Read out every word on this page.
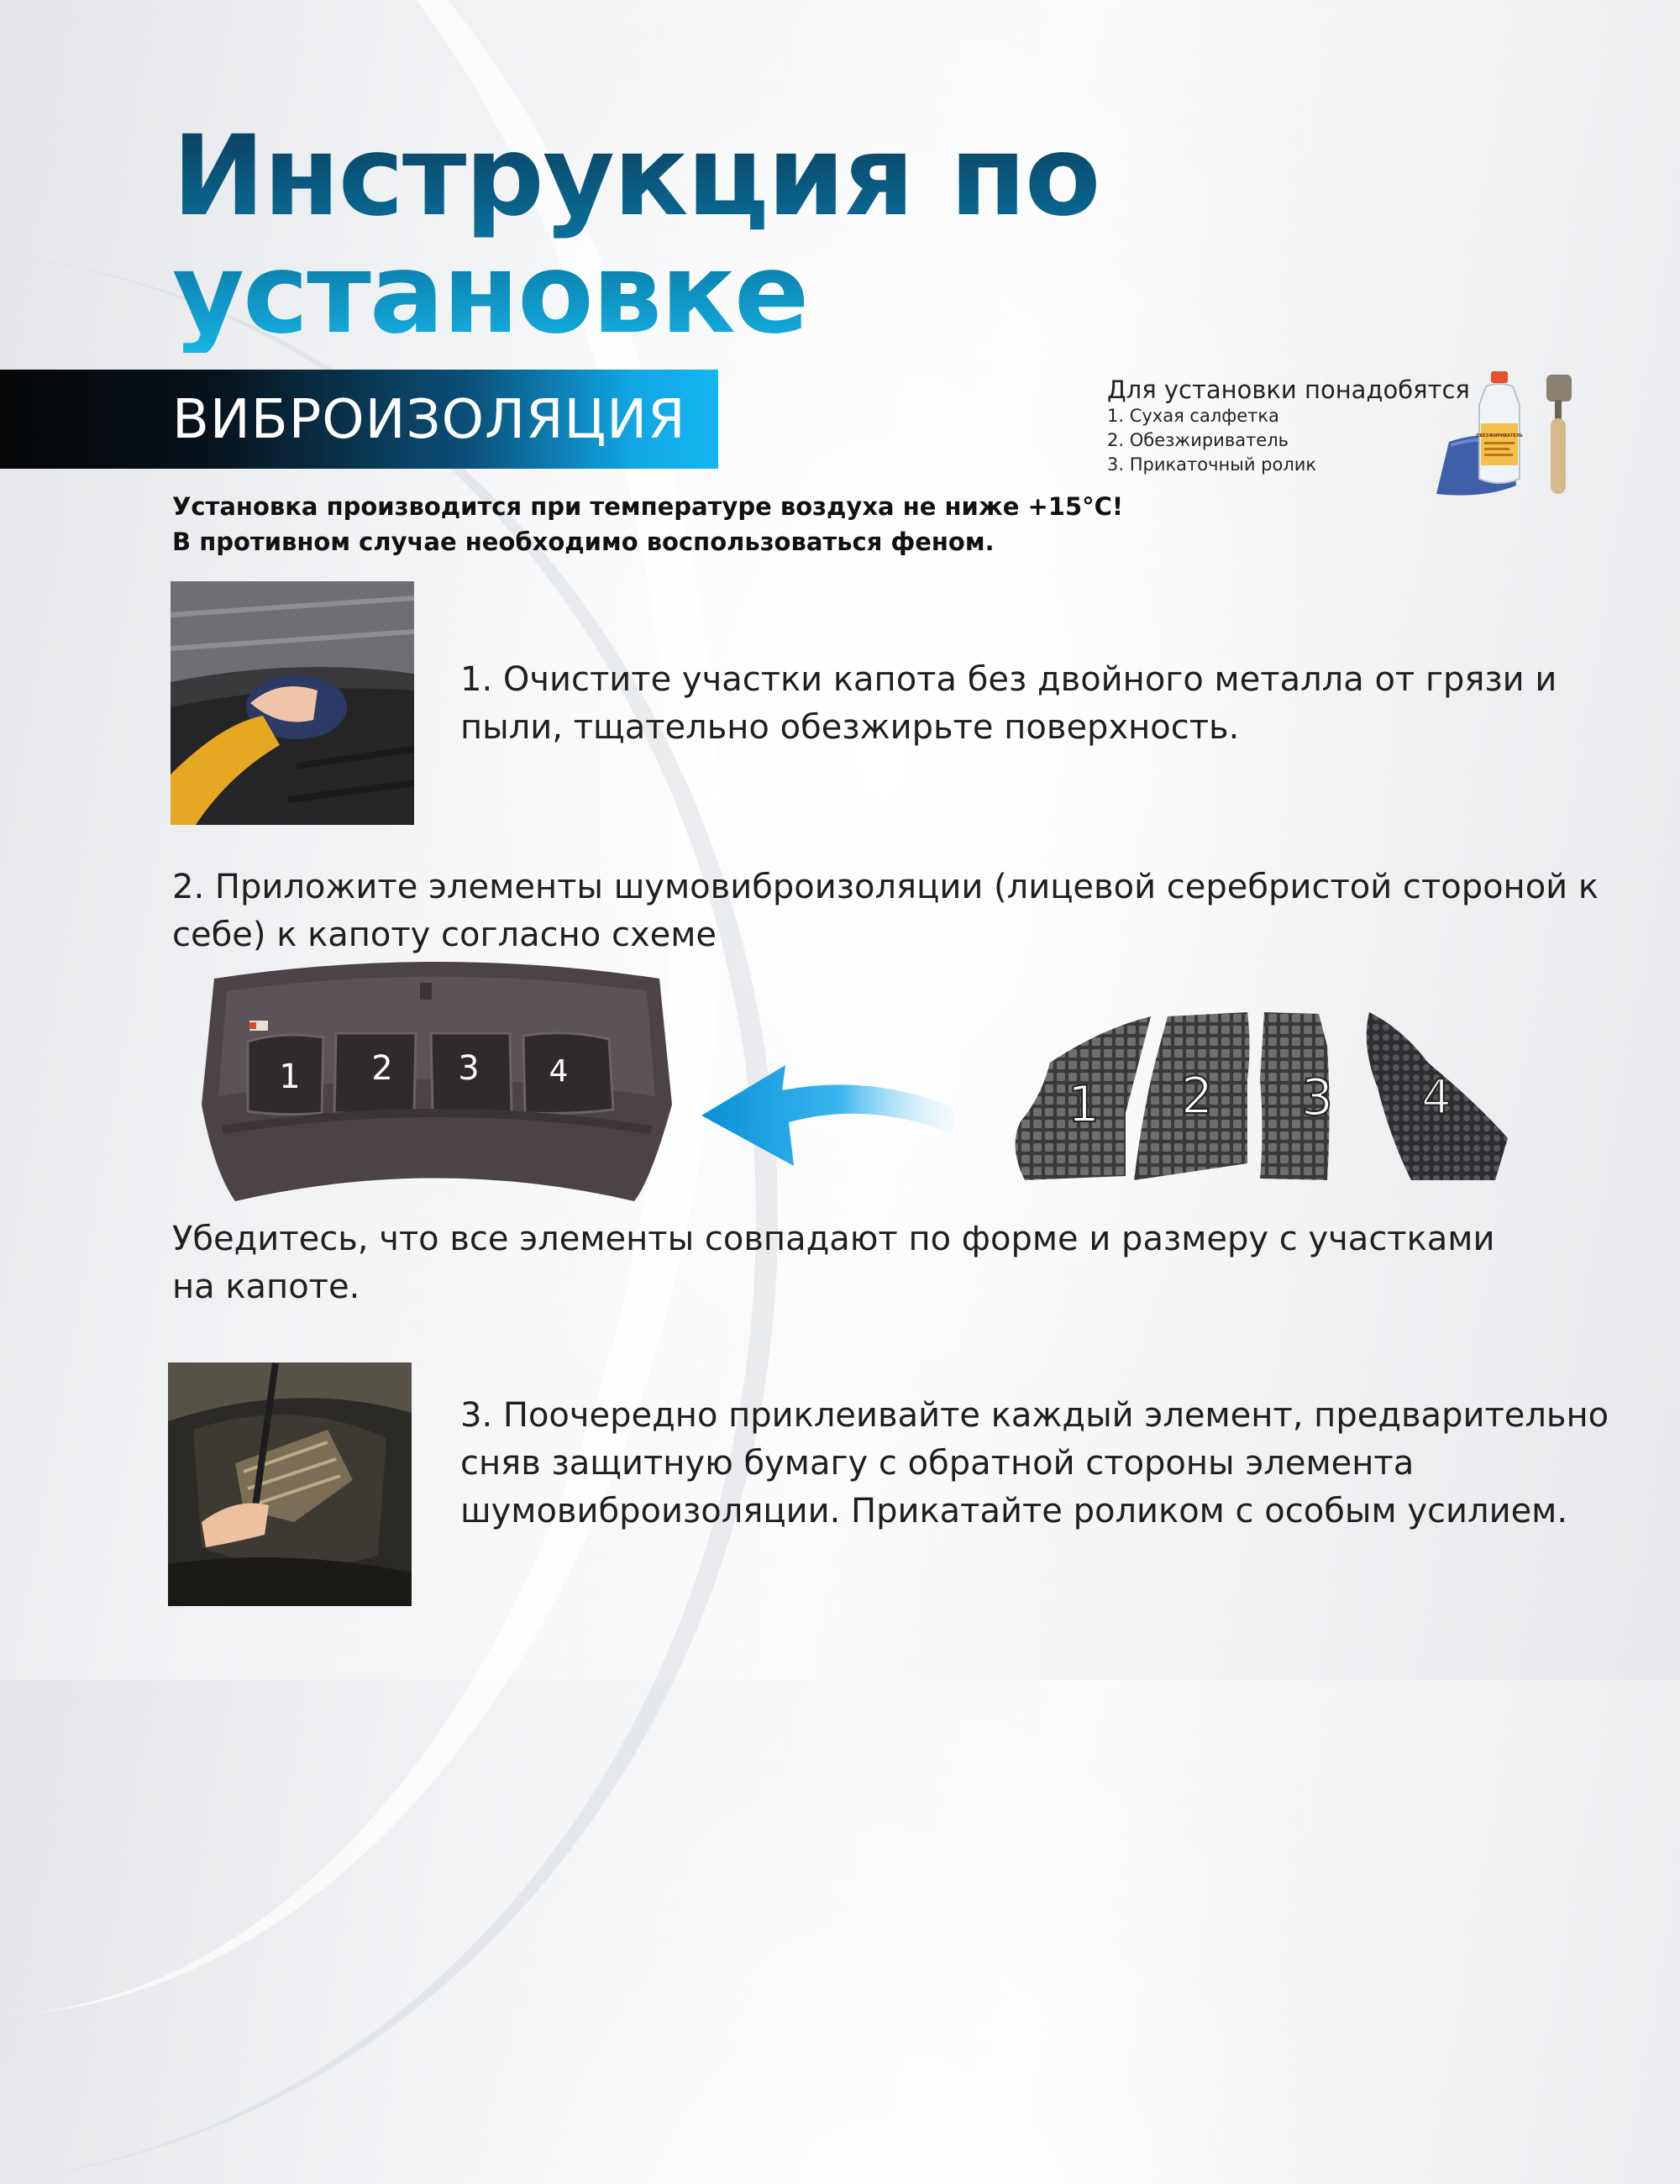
Инструкция по
установке
ВИБРОИЗОЛЯЦИЯ	Для установки понадобятся
1. Сухая салфетка
2. Обезжириватель
3. Прикаточный ролик
ОБЕЗЖИРИВАТЕЛЬ
Установка производится при температуре воздуха не ниже +15°С!
В противном случае необходимо воспользоваться феном.
1. Очистите участки капота без двойного металла от грязи и пыли, тщательно обезжирьте поверхность.
2. Приложите элементы шумовиброизоляции (лицевой серебристой стороной к себе) к капоту согласно схеме
1 2 3 4
1 2 3 4
Убедитесь, что все элементы совпадают по форме и размеру с участками на капоте.
3. Поочередно приклеивайте каждый элемент, предварительно сняв защитную бумагу с обратной стороны элемента шумовиброизоляции. Прикатайте роликом с особым усилием.
